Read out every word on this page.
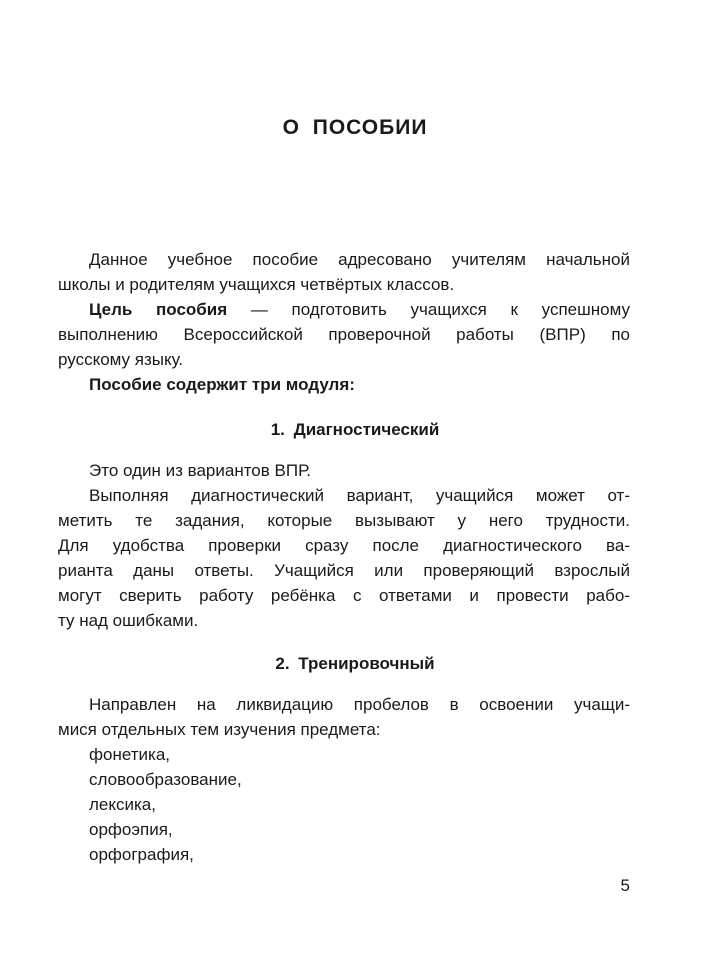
О ПОСОБИИ
Данное учебное пособие адресовано учителям начальной
школы и родителям учащихся четвёртых классов.
Цель пособия — подготовить учащихся к успешному
выполнению Всероссийской проверочной работы (ВПР) по
русскому языку.
Пособие содержит три модуля:
1. Диагностический
Это один из вариантов ВПР.
Выполняя диагностический вариант, учащийся может от-
метить те задания, которые вызывают у него трудности.
Для удобства проверки сразу после диагностического ва-
рианта даны ответы. Учащийся или проверяющий взрослый
могут сверить работу ребёнка с ответами и провести рабо-
ту над ошибками.
2. Тренировочный
Направлен на ликвидацию пробелов в освоении учащи-
мися отдельных тем изучения предмета:
фонетика,
словообразование,
лексика,
орфоэпия,
орфография,
5
